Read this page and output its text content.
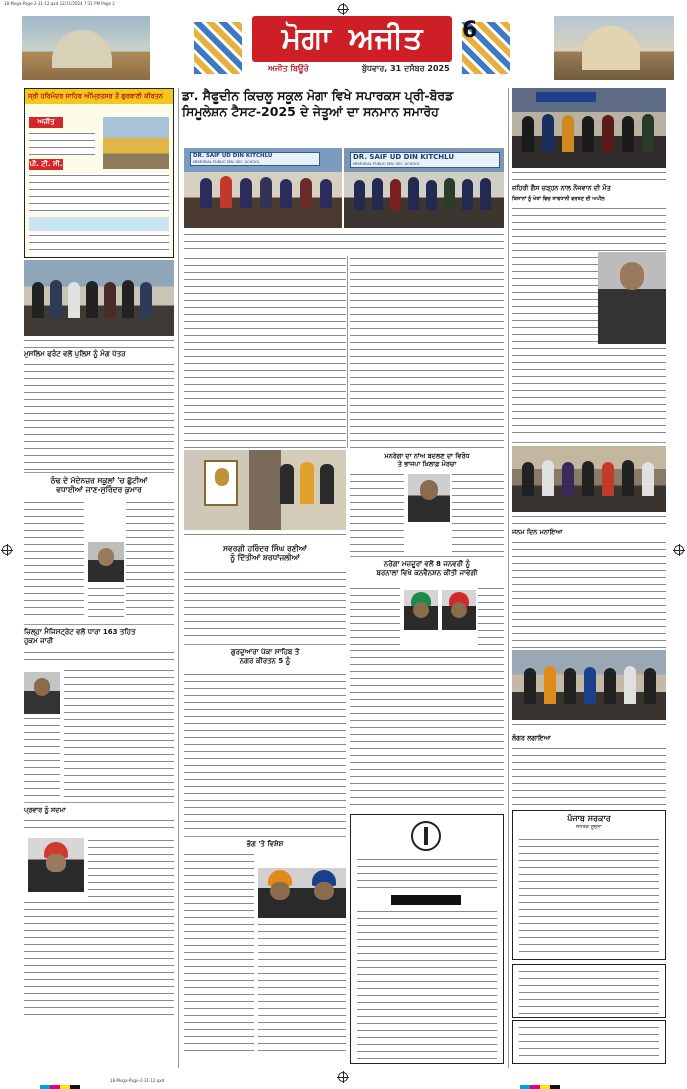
18-Moga-Page-2-31-12.qxd 12/31/2024 7:31 PM Page 2
ਮੋਗਾ ਅਜੀਤ	6
ਅਜੀਤ ਬਿਊਰੋ	ਬੁੱਧਵਾਰ, 31 ਦਸੰਬਰ 2025
ਸ੍ਰੀ ਹਰਿਮੰਦਰ ਸਾਹਿਬ ਅੰਮ੍ਰਿਤਸਰ ਤੋਂ ਗੁਰਬਾਣੀ ਕੀਰਤਨ
ਅਜੀਤ
ਪੀ. ਟੀ. ਸੀ.
ਡਾ. ਸੈਫੂਦੀਨ ਕਿਚਲੂ ਸਕੂਲ ਮੋਗਾ ਵਿਖੇ ਸਪਾਰਕਸ ਪ੍ਰੀ-ਬੋਰਡ
ਸਿਮੂਲੇਸ਼ਨ ਟੈਸਟ-2025 ਦੇ ਜੇਤੂਆਂ ਦਾ ਸਨਮਾਨ ਸਮਾਰੋਹ
DR. SAIF UD DIN KITCHLU
MEMORIAL PUBLIC SEN. SEC. SCHOOL
DR. SAIF UD DIN KITCHLU
MEMORIAL PUBLIC SEN. SEC. SCHOOL
ਜ਼ਹਿਰੀ ਗੈਸ ਚੜ੍ਹਨ ਨਾਲ ਨੌਜਵਾਨ ਦੀ ਮੌਤ
ਕਿਸਾਨਾਂ ਨੂੰ ਖੇਤਾਂ ਵਿਚ ਸਾਵਧਾਨੀ ਵਰਤਣ ਦੀ ਅਪੀਲ
ਮੁਸਲਿਮ ਫਰੰਟ ਵਲੋਂ ਪੁਲਿਸ ਨੂੰ ਮੰਗ ਪੱਤਰ
ਠੰਢ ਦੇ ਮੱਦੇਨਜ਼ਰ ਸਕੂਲਾਂ 'ਚ ਛੁੱਟੀਆਂ
ਵਧਾਈਆਂ ਜਾਣ-ਸੁਰਿੰਦਰ ਕੁਮਾਰ
ਜ਼ਿਲ੍ਹਾ ਮੈਜਿਸਟ੍ਰੇਟ ਵਲੋਂ ਧਾਰਾ 163 ਤਹਿਤ
ਹੁਕਮ ਜਾਰੀ
ਪ੍ਰਵਾਰ ਨੂੰ ਸਦਮਾ
ਸਵਰਗੀ ਹਰਿੰਦਰ ਸਿੰਘ ਰਣੀਆਂ
ਨੂੰ ਦਿੱਤੀਆਂ ਸ਼ਰਧਾਂਜਲੀਆਂ
ਮਨਰੇਗਾ ਦਾ ਨਾਂਅ ਬਦਲਣ ਦਾ ਵਿਰੋਧ
ਤੇ ਭਾਜਪਾ ਖ਼ਿਲਾਫ਼ ਮੋਰਚਾ
ਨਰੇਗਾ ਮਜ਼ਦੂਰਾਂ ਵਲੋਂ 8 ਜਨਵਰੀ ਨੂੰ
ਬਰਨਾਲਾ ਵਿਖੇ ਕਨਵੈਨਸ਼ਨ ਕੀਤੀ ਜਾਵੇਗੀ
ਗੁਰਦੁਆਰਾ ਪੱਕਾ ਸਾਹਿਬ ਤੋਂ
ਨਗਰ ਕੀਰਤਨ 5 ਨੂੰ
ਭੋਗ 'ਤੇ ਵਿਸ਼ੇਸ਼
ਜਨਮ ਦਿਨ ਮਨਾਇਆ
ਲੰਗਰ ਲਗਾਇਆ
ਪੰਜਾਬ ਸਰਕਾਰ
ਜਨਤਕ ਸੂਚਨਾ
18-Moga-Page-2-31-12.qxd
